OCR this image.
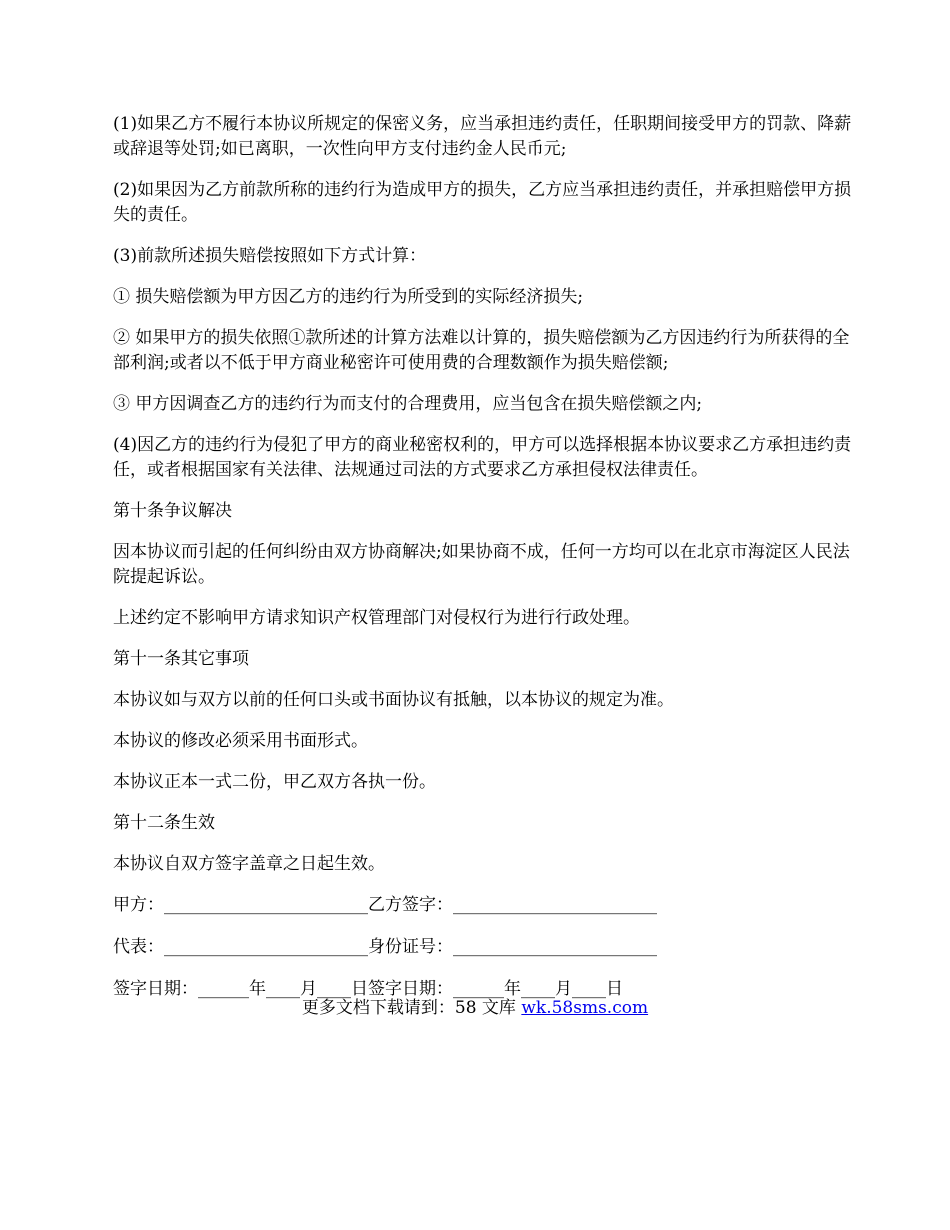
(1)如果乙方不履行本协议所规定的保密义务，应当承担违约责任，任职期间接受甲方的罚款、降薪或辞退等处罚;如已离职，一次性向甲方支付违约金人民币元;

(2)如果因为乙方前款所称的违约行为造成甲方的损失，乙方应当承担违约责任，并承担赔偿甲方损失的责任。

(3)前款所述损失赔偿按照如下方式计算：

① 损失赔偿额为甲方因乙方的违约行为所受到的实际经济损失;

② 如果甲方的损失依照①款所述的计算方法难以计算的，损失赔偿额为乙方因违约行为所获得的全部利润;或者以不低于甲方商业秘密许可使用费的合理数额作为损失赔偿额;

③ 甲方因调查乙方的违约行为而支付的合理费用，应当包含在损失赔偿额之内;

(4)因乙方的违约行为侵犯了甲方的商业秘密权利的，甲方可以选择根据本协议要求乙方承担违约责任，或者根据国家有关法律、法规通过司法的方式要求乙方承担侵权法律责任。

第十条争议解决

因本协议而引起的任何纠纷由双方协商解决;如果协商不成，任何一方均可以在北京市海淀区人民法院提起诉讼。

上述约定不影响甲方请求知识产权管理部门对侵权行为进行行政处理。

第十一条其它事项

本协议如与双方以前的任何口头或书面协议有抵触，以本协议的规定为准。

本协议的修改必须采用书面形式。

本协议正本一式二份，甲乙双方各执一份。

第十二条生效

本协议自双方签字盖章之日起生效。

甲方：________________________乙方签字：________________________
代表：________________________身份证号：________________________
签字日期：______年____月____日签字日期：______年____月____日
更多文档下载请到：58 文库 wk.58sms.com
